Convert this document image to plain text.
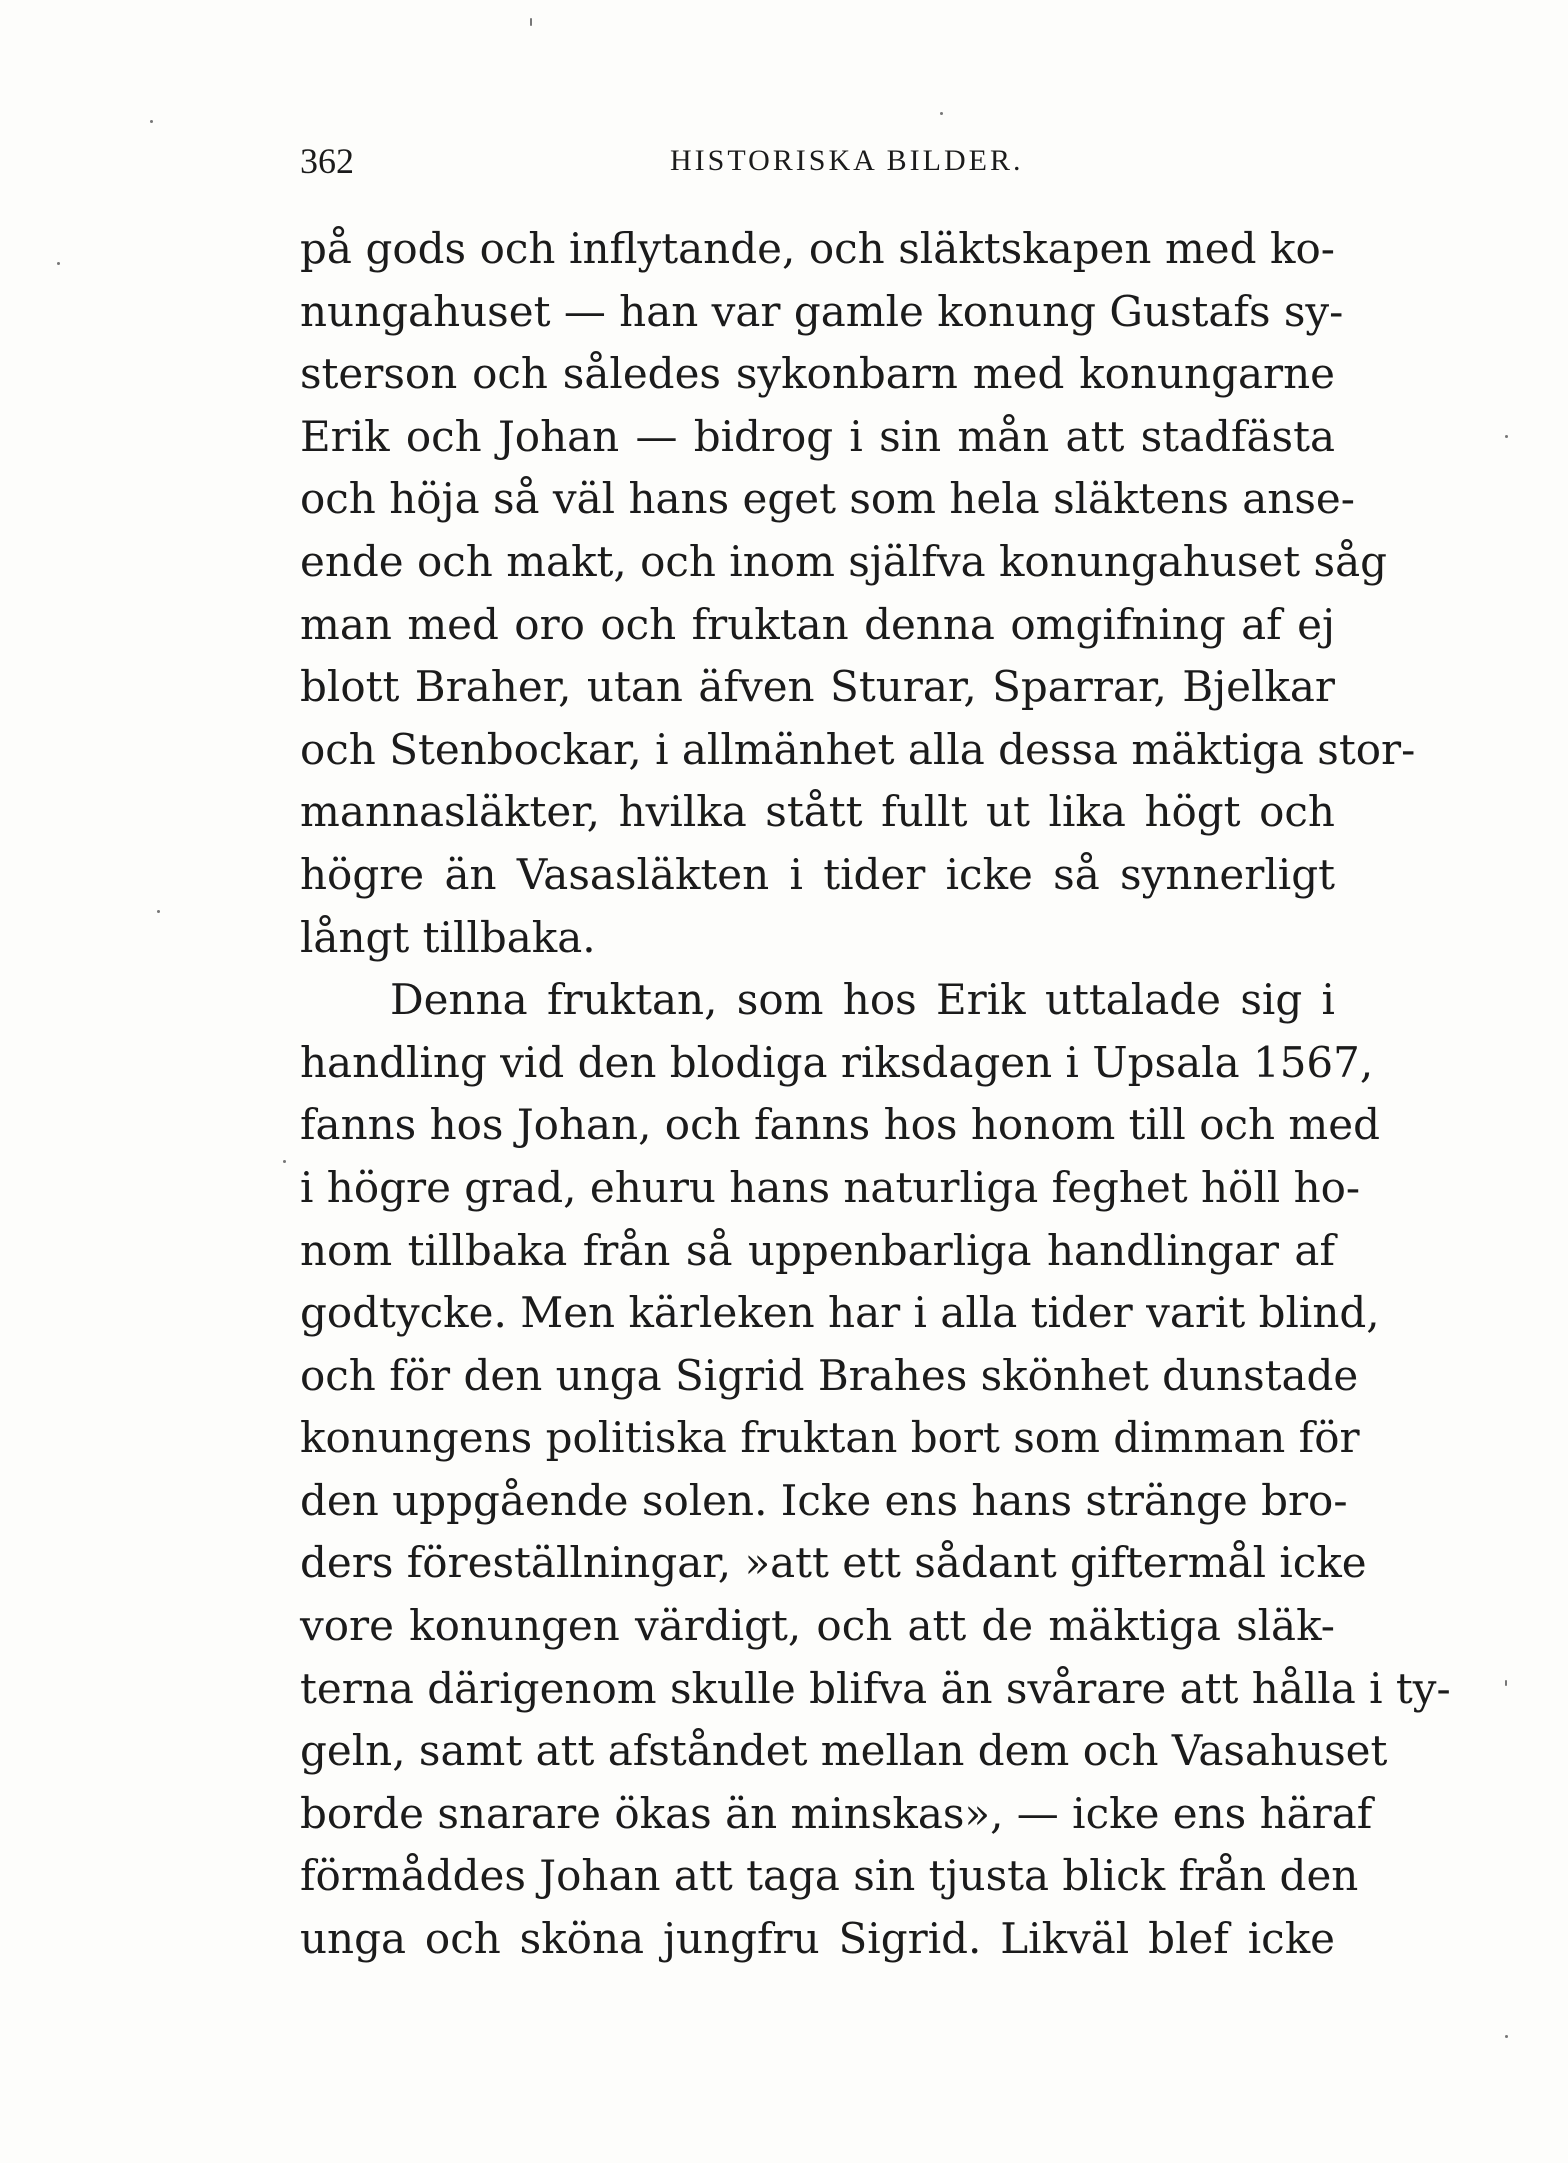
362	HISTORISKA BILDER.
på gods och inflytande, och släktskapen med ko-
nungahuset — han var gamle konung Gustafs sy-
sterson och således sykonbarn med konungarne
Erik och Johan — bidrog i sin mån att stadfästa
och höja så väl hans eget som hela släktens anse-
ende och makt, och inom själfva konungahuset såg
man med oro och fruktan denna omgifning af ej
blott Braher, utan äfven Sturar, Sparrar, Bjelkar
och Stenbockar, i allmänhet alla dessa mäktiga stor-
mannasläkter, hvilka stått fullt ut lika högt och
högre än Vasasläkten i tider icke så synnerligt
långt tillbaka.
Denna fruktan, som hos Erik uttalade sig i
handling vid den blodiga riksdagen i Upsala 1567,
fanns hos Johan, och fanns hos honom till och med
i högre grad, ehuru hans naturliga feghet höll ho-
nom tillbaka från så uppenbarliga handlingar af
godtycke. Men kärleken har i alla tider varit blind,
och för den unga Sigrid Brahes skönhet dunstade
konungens politiska fruktan bort som dimman för
den uppgående solen. Icke ens hans stränge bro-
ders föreställningar, »att ett sådant giftermål icke
vore konungen värdigt, och att de mäktiga släk-
terna därigenom skulle blifva än svårare att hålla i ty-
geln, samt att afståndet mellan dem och Vasahuset
borde snarare ökas än minskas», — icke ens häraf
förmåddes Johan att taga sin tjusta blick från den
unga och sköna jungfru Sigrid. Likväl blef icke
